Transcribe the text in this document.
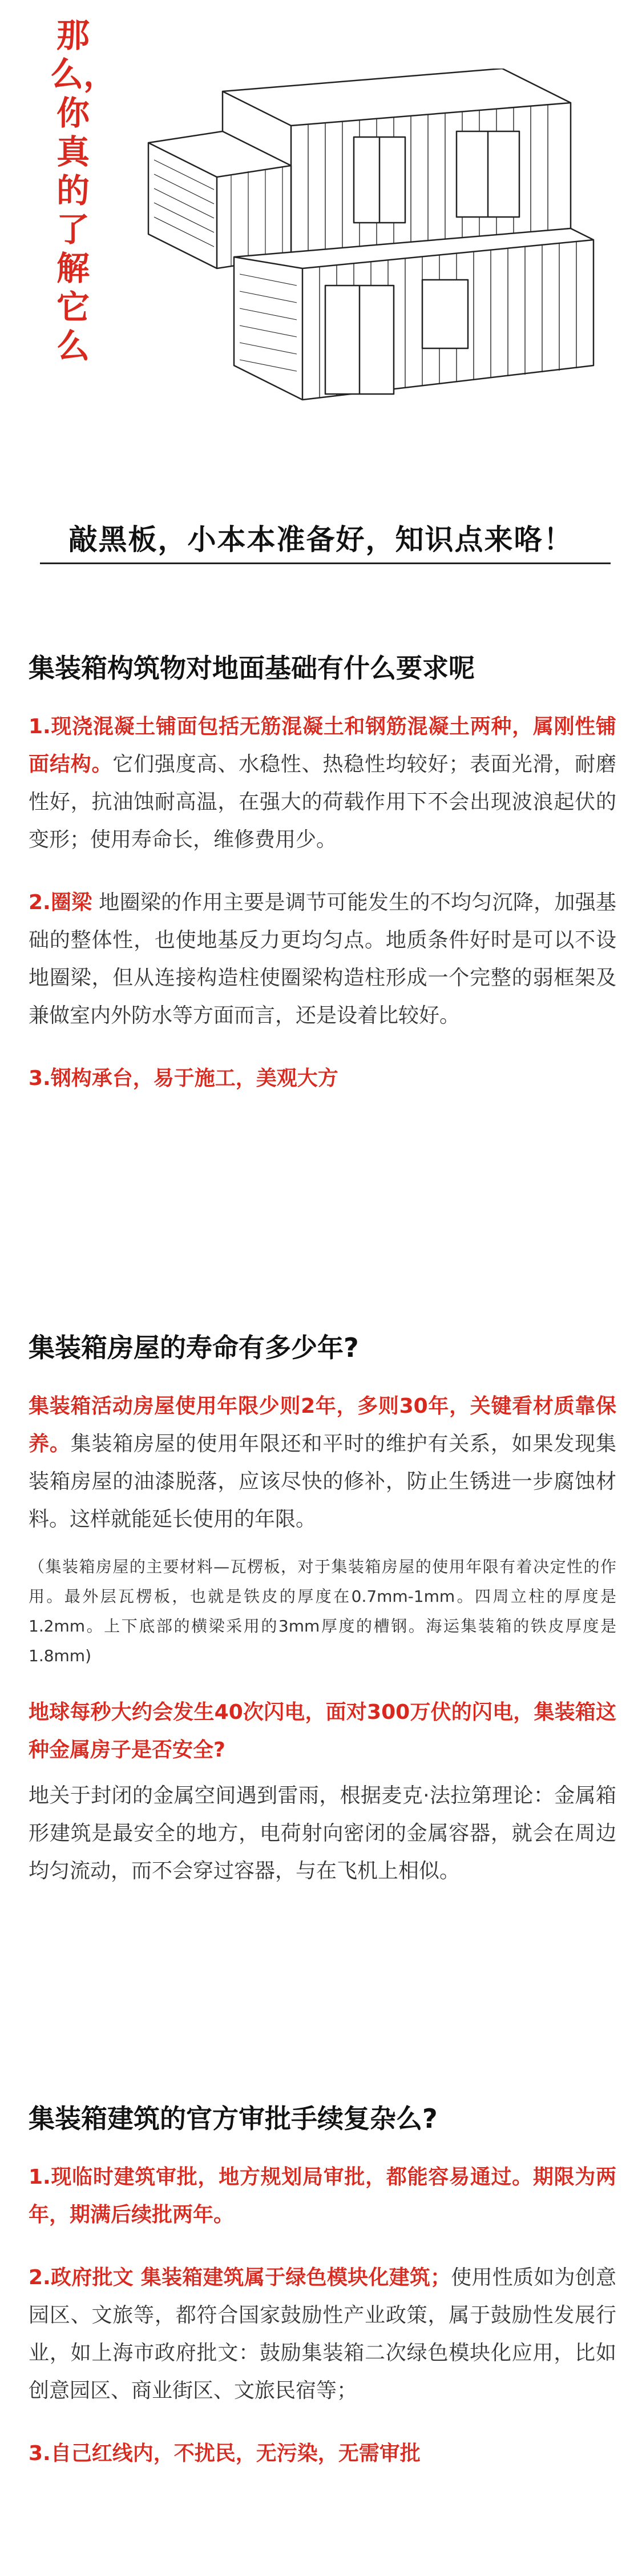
那么，你真的了解它么
敲黑板，小本本准备好，知识点来咯！
集装箱构筑物对地面基础有什么要求呢

1.现浇混凝土铺面包括无筋混凝土和钢筋混凝土两种，属刚性铺面结构。它们强度高、水稳性、热稳性均较好；表面光滑，耐磨性好，抗油蚀耐高温，在强大的荷载作用下不会出现波浪起伏的变形；使用寿命长，维修费用少。

2.圈梁 地圈梁的作用主要是调节可能发生的不均匀沉降，加强基础的整体性，也使地基反力更均匀点。地质条件好时是可以不设地圈梁，但从连接构造柱使圈梁构造柱形成一个完整的弱框架及兼做室内外防水等方面而言，还是设着比较好。

3.钢构承台，易于施工，美观大方

集装箱房屋的寿命有多少年?

集装箱活动房屋使用年限少则2年，多则30年，关键看材质靠保养。集装箱房屋的使用年限还和平时的维护有关系，如果发现集装箱房屋的油漆脱落，应该尽快的修补，防止生锈进一步腐蚀材料。这样就能延长使用的年限。

（集装箱房屋的主要材料—瓦楞板，对于集装箱房屋的使用年限有着决定性的作用。最外层瓦楞板，也就是铁皮的厚度在0.7mm-1mm。四周立柱的厚度是1.2mm。上下底部的横梁采用的3mm厚度的槽钢。海运集装箱的铁皮厚度是1.8mm)

地球每秒大约会发生40次闪电，面对300万伏的闪电，集装箱这种金属房子是否安全?

地关于封闭的金属空间遇到雷雨，根据麦克·法拉第理论：金属箱形建筑是最安全的地方，电荷射向密闭的金属容器，就会在周边均匀流动，而不会穿过容器，与在飞机上相似。

集装箱建筑的官方审批手续复杂么?

1.现临时建筑审批，地方规划局审批，都能容易通过。期限为两年，期满后续批两年。

2.政府批文 集装箱建筑属于绿色模块化建筑；使用性质如为创意园区、文旅等，都符合国家鼓励性产业政策，属于鼓励性发展行业，如上海市政府批文：鼓励集装箱二次绿色模块化应用，比如创意园区、商业街区、文旅民宿等；

3.自己红线内，不扰民，无污染，无需审批
